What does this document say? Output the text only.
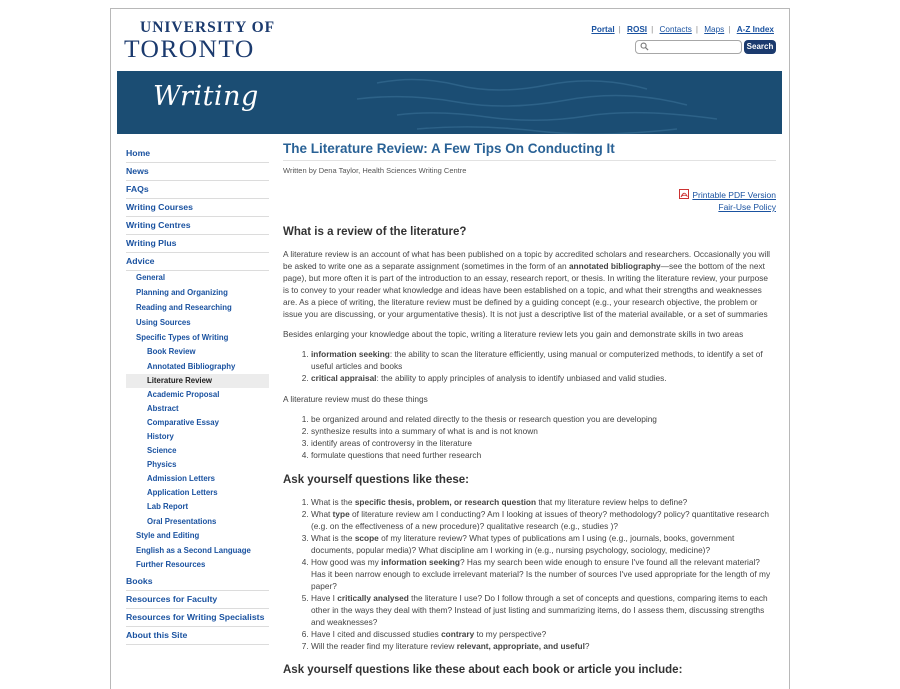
UNIVERSITY OF
TORONTO
Portal | ROSI | Contacts | Maps | A-Z Index
Search
Writing
Home
News
FAQs
Writing Courses
Writing Centres
Writing Plus
Advice
General
Planning and Organizing
Reading and Researching
Using Sources
Specific Types of Writing
Book Review
Annotated Bibliography
Literature Review
Academic Proposal
Abstract
Comparative Essay
History
Science
Physics
Admission Letters
Application Letters
Lab Report
Oral Presentations
Style and Editing
English as a Second Language
Further Resources
Books
Resources for Faculty
Resources for Writing Specialists
About this Site
The Literature Review: A Few Tips On Conducting It
Written by Dena Taylor, Health Sciences Writing Centre
Printable PDF Version
Fair-Use Policy
What is a review of the literature?

A literature review is an account of what has been published on a topic by accredited scholars and researchers. Occasionally you will be asked to write one as a separate assignment (sometimes in the form of an annotated bibliography—see the bottom of the next page), but more often it is part of the introduction to an essay, research report, or thesis. In writing the literature review, your purpose is to convey to your reader what knowledge and ideas have been established on a topic, and what their strengths and weaknesses are. As a piece of writing, the literature review must be defined by a guiding concept (e.g., your research objective, the problem or issue you are discussing, or your argumentative thesis). It is not just a descriptive list of the material available, or a set of summaries

Besides enlarging your knowledge about the topic, writing a literature review lets you gain and demonstrate skills in two areas

1. information seeking: the ability to scan the literature efficiently, using manual or computerized methods, to identify a set of useful articles and books
2. critical appraisal: the ability to apply principles of analysis to identify unbiased and valid studies.

A literature review must do these things

1. be organized around and related directly to the thesis or research question you are developing
2. synthesize results into a summary of what is and is not known
3. identify areas of controversy in the literature
4. formulate questions that need further research
Ask yourself questions like these:
1. What is the specific thesis, problem, or research question that my literature review helps to define?
2. What type of literature review am I conducting? Am I looking at issues of theory? methodology? policy? quantitative research (e.g. on the effectiveness of a new procedure)? qualitative research (e.g., studies )?
3. What is the scope of my literature review? What types of publications am I using (e.g., journals, books, government documents, popular media)? What discipline am I working in (e.g., nursing psychology, sociology, medicine)?
4. How good was my information seeking? Has my search been wide enough to ensure I've found all the relevant material? Has it been narrow enough to exclude irrelevant material? Is the number of sources I've used appropriate for the length of my paper?
5. Have I critically analysed the literature I use? Do I follow through a set of concepts and questions, comparing items to each other in the ways they deal with them? Instead of just listing and summarizing items, do I assess them, discussing strengths and weaknesses?
6. Have I cited and discussed studies contrary to my perspective?
7. Will the reader find my literature review relevant, appropriate, and useful?
Ask yourself questions like these about each book or article you include:
